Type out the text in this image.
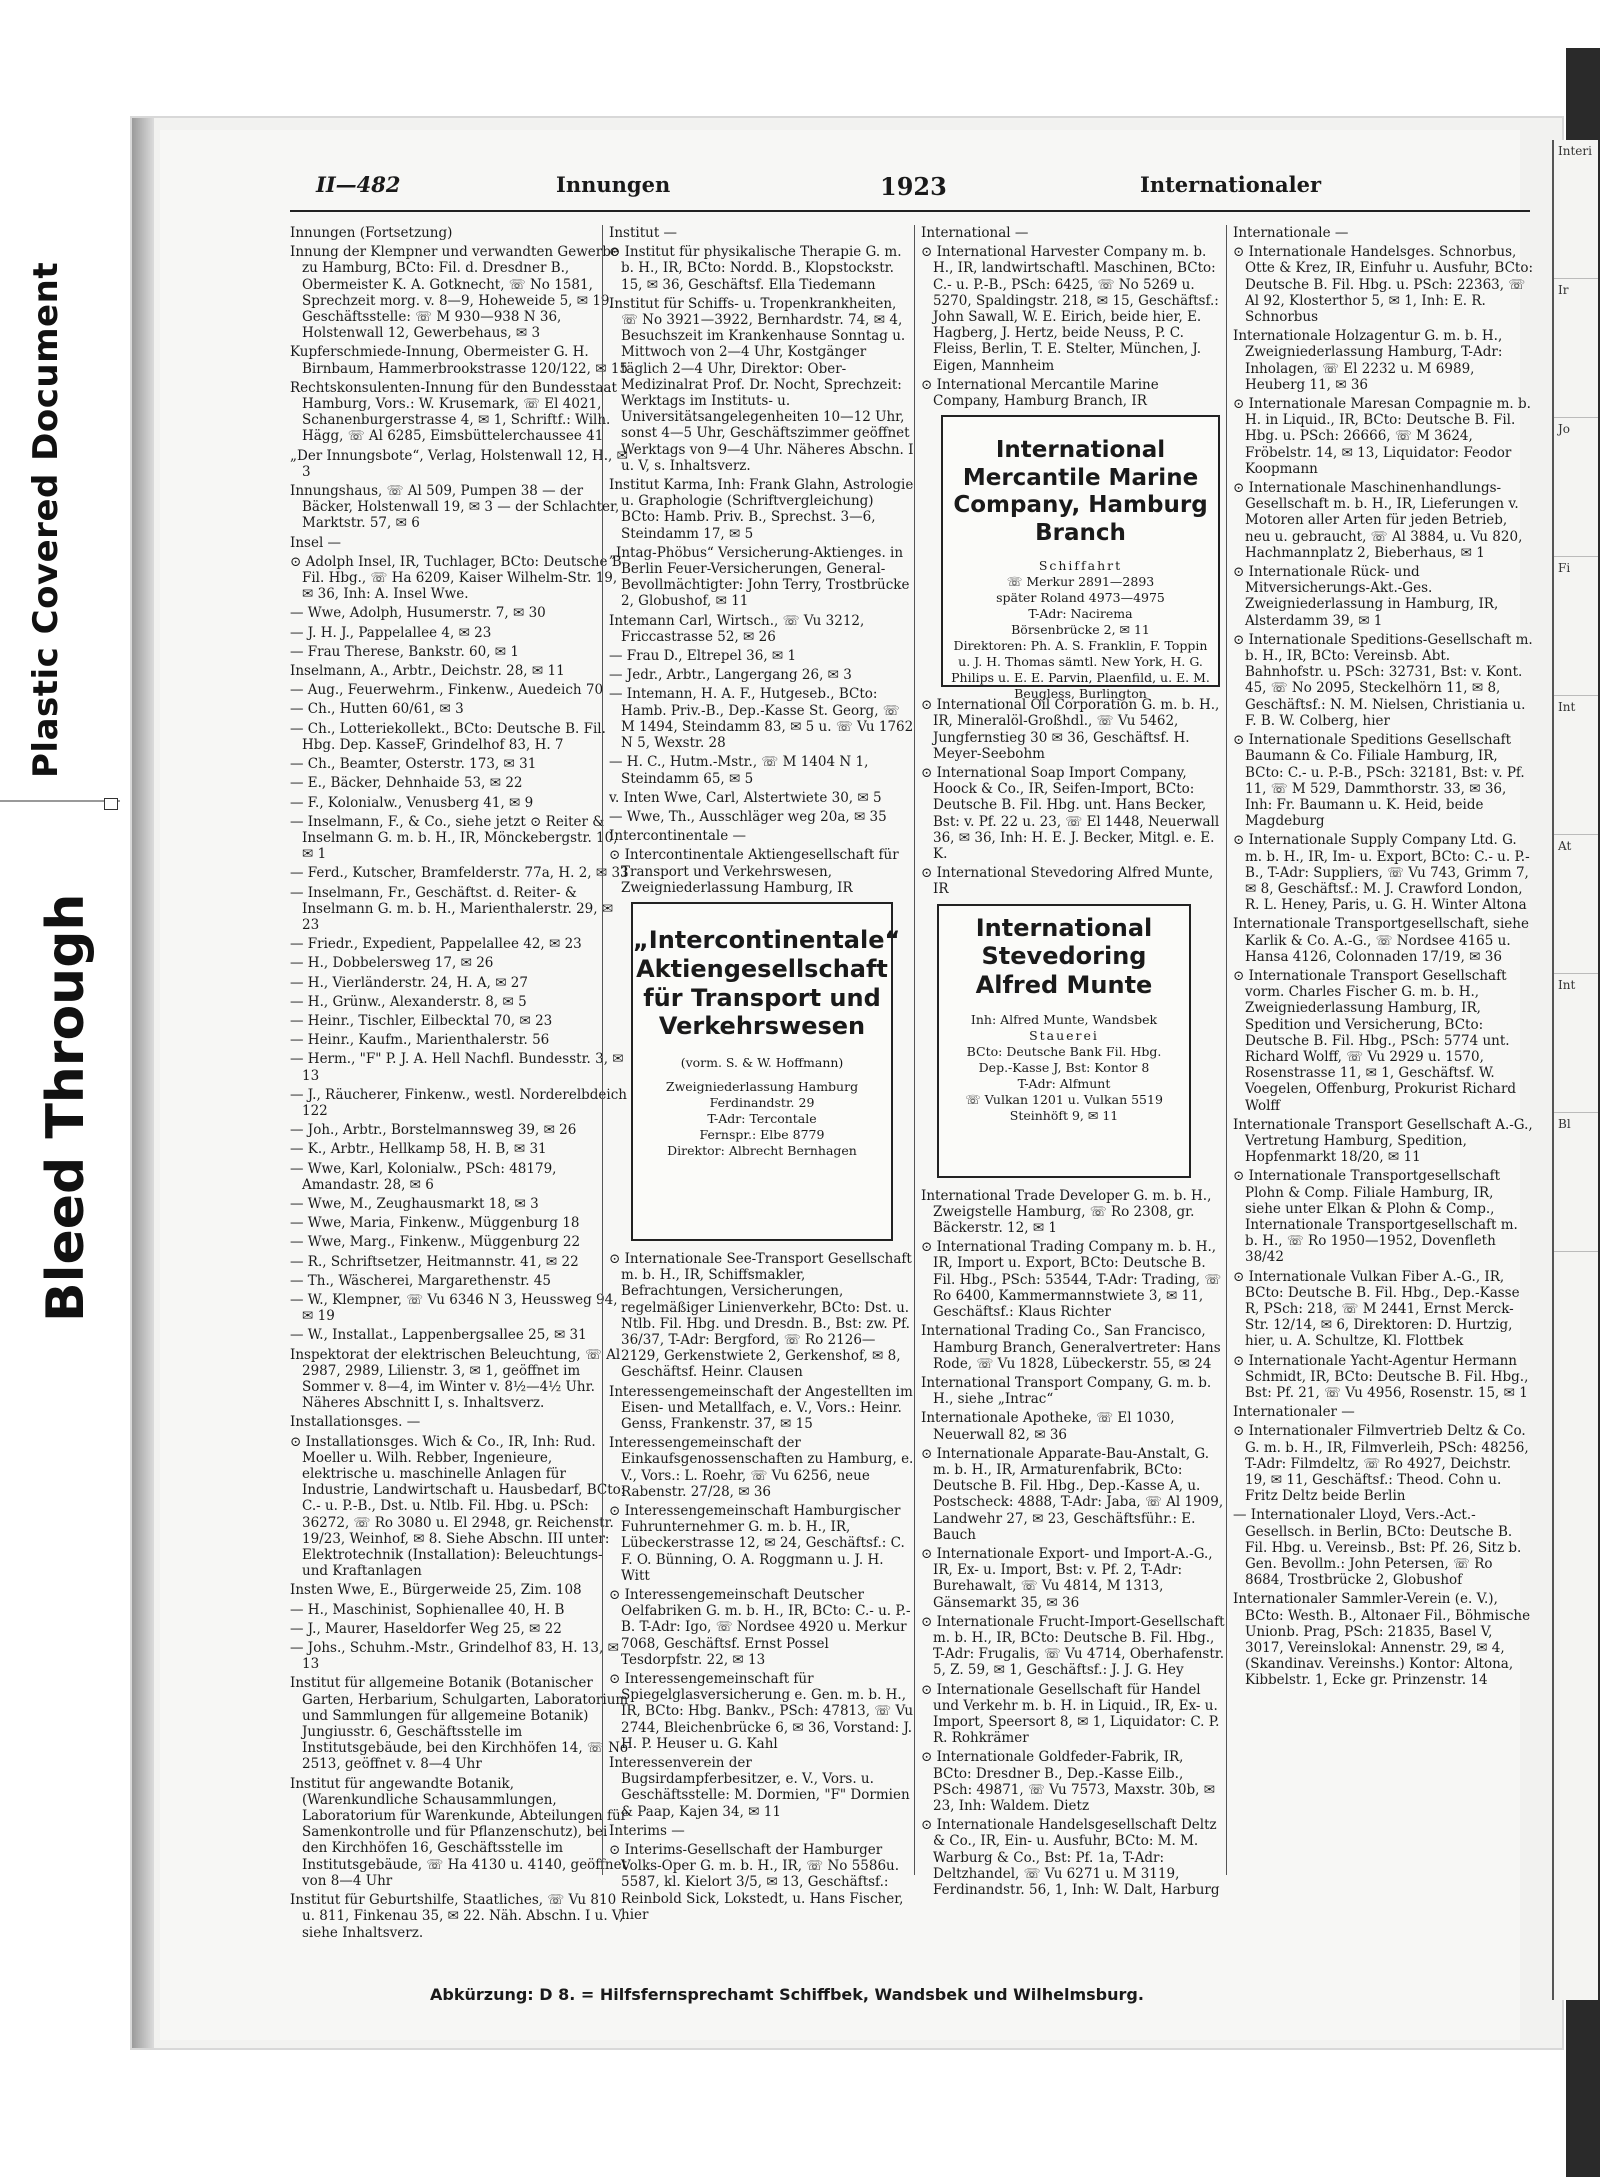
Plastic Covered Document
Bleed Through
Interi
Ir
Jo
Fi
Int
At
Int
Bl
II—482	Innungen	1923	Internationaler
Innungen (Fortsetzung)
Innung der Klempner und verwandten Gewerbe zu Hamburg, BCto: Fil. d. Dresdner B., Obermeister K. A. Gotknecht, ☏ No 1581, Sprechzeit morg. v. 8—9, Hoheweide 5, ✉ 19, Geschäftsstelle: ☏ M 930—938 N 36, Holstenwall 12, Gewerbehaus, ✉ 3
Kupferschmiede-Innung, Obermeister G. H. Birnbaum, Hammerbrookstrasse 120/122, ✉ 15
Rechtskonsulenten-Innung für den Bundesstaat Hamburg, Vors.: W. Krusemark, ☏ El 4021, Schanenburgerstrasse 4, ✉ 1, Schriftf.: Wilh. Hägg, ☏ Al 6285, Eimsbüttelerchaussee 41
„Der Innungsbote“, Verlag, Holstenwall 12, H., ✉ 3
Innungshaus, ☏ Al 509, Pumpen 38 — der Bäcker, Holstenwall 19, ✉ 3 — der Schlachter, Marktstr. 57, ✉ 6
Insel —
⊙ Adolph Insel, IR, Tuchlager, BCto: Deutsche B. Fil. Hbg., ☏ Ha 6209, Kaiser Wilhelm-Str. 19, ✉ 36, Inh: A. Insel Wwe.
— Wwe, Adolph, Husumerstr. 7, ✉ 30
— J. H. J., Pappelallee 4, ✉ 23
— Frau Therese, Bankstr. 60, ✉ 1
Inselmann, A., Arbtr., Deichstr. 28, ✉ 11
— Aug., Feuerwehrm., Finkenw., Auedeich 70
— Ch., Hutten 60/61, ✉ 3
— Ch., Lotteriekollekt., BCto: Deutsche B. Fil. Hbg. Dep. KasseF, Grindelhof 83, H. 7
— Ch., Beamter, Osterstr. 173, ✉ 31
— E., Bäcker, Dehnhaide 53, ✉ 22
— F., Kolonialw., Venusberg 41, ✉ 9
— Inselmann, F., & Co., siehe jetzt ⊙ Reiter & Inselmann G. m. b. H., IR, Mönckebergstr. 10, ✉ 1
— Ferd., Kutscher, Bramfelderstr. 77a, H. 2, ✉ 33
— Inselmann, Fr., Geschäftst. d. Reiter- & Inselmann G. m. b. H., Marienthalerstr. 29, ✉ 23
— Friedr., Expedient, Pappelallee 42, ✉ 23
— H., Dobbelersweg 17, ✉ 26
— H., Vierländerstr. 24, H. A, ✉ 27
— H., Grünw., Alexanderstr. 8, ✉ 5
— Heinr., Tischler, Eilbecktal 70, ✉ 23
— Heinr., Kaufm., Marienthalerstr. 56
— Herm., "F" P. J. A. Hell Nachfl. Bundesstr. 3, ✉ 13
— J., Räucherer, Finkenw., westl. Norderelbdeich 122
— Joh., Arbtr., Borstelmannsweg 39, ✉ 26
— K., Arbtr., Hellkamp 58, H. B, ✉ 31
— Wwe, Karl, Kolonialw., PSch: 48179, Amandastr. 28, ✉ 6
— Wwe, M., Zeughausmarkt 18, ✉ 3
— Wwe, Maria, Finkenw., Müggenburg 18
— Wwe, Marg., Finkenw., Müggenburg 22
— R., Schriftsetzer, Heitmannstr. 41, ✉ 22
— Th., Wäscherei, Margarethenstr. 45
— W., Klempner, ☏ Vu 6346 N 3, Heussweg 94, ✉ 19
— W., Installat., Lappenbergsallee 25, ✉ 31
Inspektorat der elektrischen Beleuchtung, ☏ Al 2987, 2989, Lilienstr. 3, ✉ 1, geöffnet im Sommer v. 8—4, im Winter v. 8½—4½ Uhr. Näheres Abschnitt I, s. Inhaltsverz.
Installationsges. —
⊙ Installationsges. Wich & Co., IR, Inh: Rud. Moeller u. Wilh. Rebber, Ingenieure, elektrische u. maschinelle Anlagen für Industrie, Landwirtschaft u. Hausbedarf, BCto: C.- u. P.-B., Dst. u. Ntlb. Fil. Hbg. u. PSch: 36272, ☏ Ro 3080 u. El 2948, gr. Reichenstr. 19/23, Weinhof, ✉ 8. Siehe Abschn. III unter: Elektrotechnik (Installation): Beleuchtungs- und Kraftanlagen
Insten Wwe, E., Bürgerweide 25, Zim. 108
— H., Maschinist, Sophienallee 40, H. B
— J., Maurer, Haseldorfer Weg 25, ✉ 22
— Johs., Schuhm.-Mstr., Grindelhof 83, H. 13, ✉ 13
Institut für allgemeine Botanik (Botanischer Garten, Herbarium, Schulgarten, Laboratorium und Sammlungen für allgemeine Botanik) Jungiusstr. 6, Geschäftsstelle im Institutsgebäude, bei den Kirchhöfen 14, ☏ No 2513, geöffnet v. 8—4 Uhr
Institut für angewandte Botanik, (Warenkundliche Schausammlungen, Laboratorium für Warenkunde, Abteilungen für Samenkontrolle und für Pflanzenschutz), bei den Kirchhöfen 16, Geschäftsstelle im Institutsgebäude, ☏ Ha 4130 u. 4140, geöffnet von 8—4 Uhr
Institut für Geburtshilfe, Staatliches, ☏ Vu 810 u. 811, Finkenau 35, ✉ 22. Näh. Abschn. I u. V, siehe Inhaltsverz.
Institut —
⊙ Institut für physikalische Therapie G. m. b. H., IR, BCto: Nordd. B., Klopstockstr. 15, ✉ 36, Geschäftsf. Ella Tiedemann
Institut für Schiffs- u. Tropenkrankheiten, ☏ No 3921—3922, Bernhardstr. 74, ✉ 4, Besuchszeit im Krankenhause Sonntag u. Mittwoch von 2—4 Uhr, Kostgänger täglich 2—4 Uhr, Direktor: Ober-Medizinalrat Prof. Dr. Nocht, Sprechzeit: Werktags im Instituts- u. Universitätsangelegenheiten 10—12 Uhr, sonst 4—5 Uhr, Geschäftszimmer geöffnet Werktags von 9—4 Uhr. Näheres Abschn. I u. V, s. Inhaltsverz.
Institut Karma, Inh: Frank Glahn, Astrologie u. Graphologie (Schriftvergleichung) BCto: Hamb. Priv. B., Sprechst. 3—6, Steindamm 17, ✉ 5
„Intag-Phöbus“ Versicherung-Aktienges. in Berlin Feuer-Versicherungen, General-Bevollmächtigter: John Terry, Trostbrücke 2, Globushof, ✉ 11
Intemann Carl, Wirtsch., ☏ Vu 3212, Friccastrasse 52, ✉ 26
— Frau D., Eltrepel 36, ✉ 1
— Jedr., Arbtr., Langergang 26, ✉ 3
— Intemann, H. A. F., Hutgeseb., BCto: Hamb. Priv.-B., Dep.-Kasse St. Georg, ☏ M 1494, Steindamm 83, ✉ 5 u. ☏ Vu 1762 N 5, Wexstr. 28
— H. C., Hutm.-Mstr., ☏ M 1404 N 1, Steindamm 65, ✉ 5
v. Inten Wwe, Carl, Alstertwiete 30, ✉ 5
— Wwe, Th., Ausschläger weg 20a, ✉ 35
Intercontinentale —
⊙ Intercontinentale Aktiengesellschaft für Transport und Verkehrswesen, Zweigniederlassung Hamburg, IR
„Intercontinentale“ Aktiengesellschaft für Transport und Verkehrswesen
(vorm. S. & W. Hoffmann)
Zweigniederlassung Hamburg
Ferdinandstr. 29
T-Adr: Tercontale
Fernspr.: Elbe 8779
Direktor: Albrecht Bernhagen
⊙ Internationale See-Transport Gesellschaft m. b. H., IR, Schiffsmakler, Befrachtungen, Versicherungen, regelmäßiger Linienverkehr, BCto: Dst. u. Ntlb. Fil. Hbg. und Dresdn. B., Bst: zw. Pf. 36/37, T-Adr: Bergford, ☏ Ro 2126—2129, Gerkenstwiete 2, Gerkenshof, ✉ 8, Geschäftsf. Heinr. Clausen
Interessengemeinschaft der Angestellten im Eisen- und Metallfach, e. V., Vors.: Heinr. Genss, Frankenstr. 37, ✉ 15
Interessengemeinschaft der Einkaufsgenossenschaften zu Hamburg, e. V., Vors.: L. Roehr, ☏ Vu 6256, neue Rabenstr. 27/28, ✉ 36
⊙ Interessengemeinschaft Hamburgischer Fuhrunternehmer G. m. b. H., IR, Lübeckerstrasse 12, ✉ 24, Geschäftsf.: C. F. O. Bünning, O. A. Roggmann u. J. H. Witt
⊙ Interessengemeinschaft Deutscher Oelfabriken G. m. b. H., IR, BCto: C.- u. P.-B. T-Adr: Igo, ☏ Nordsee 4920 u. Merkur 7068, Geschäftsf. Ernst Possel Tesdorpfstr. 22, ✉ 13
⊙ Interessengemeinschaft für Spiegelglasversicherung e. Gen. m. b. H., IR, BCto: Hbg. Bankv., PSch: 47813, ☏ Vu 2744, Bleichenbrücke 6, ✉ 36, Vorstand: J. H. P. Heuser u. G. Kahl
Interessenverein der Bugsirdampferbesitzer, e. V., Vors. u. Geschäftsstelle: M. Dormien, "F" Dormien & Paap, Kajen 34, ✉ 11
Interims —
⊙ Interims-Gesellschaft der Hamburger Volks-Oper G. m. b. H., IR, ☏ No 5586u. 5587, kl. Kielort 3/5, ✉ 13, Geschäftsf.: Reinbold Sick, Lokstedt, u. Hans Fischer, hier
International —
⊙ International Harvester Company m. b. H., IR, landwirtschaftl. Maschinen, BCto: C.- u. P.-B., PSch: 6425, ☏ No 5269 u. 5270, Spaldingstr. 218, ✉ 15, Geschäftsf.: John Sawall, W. E. Eirich, beide hier, E. Hagberg, J. Hertz, beide Neuss, P. C. Fleiss, Berlin, T. E. Stelter, München, J. Eigen, Mannheim
⊙ International Mercantile Marine Company, Hamburg Branch, IR
International Mercantile Marine Company, Hamburg Branch
Schiffahrt
☏ Merkur 2891—2893
später Roland 4973—4975
T-Adr: Nacirema
Börsenbrücke 2, ✉ 11
Direktoren: Ph. A. S. Franklin, F. Toppin u. J. H. Thomas sämtl. New York, H. G. Philips u. E. E. Parvin, Plaenfild, u. E. M. Beugless, Burlington
⊙ International Oil Corporation G. m. b. H., IR, Mineralöl-Großhdl., ☏ Vu 5462, Jungfernstieg 30 ✉ 36, Geschäftsf. H. Meyer-Seebohm
⊙ International Soap Import Company, Hoock & Co., IR, Seifen-Import, BCto: Deutsche B. Fil. Hbg. unt. Hans Becker, Bst: v. Pf. 22 u. 23, ☏ El 1448, Neuerwall 36, ✉ 36, Inh: H. E. J. Becker, Mitgl. e. E. K.
⊙ International Stevedoring Alfred Munte, IR
International Stevedoring Alfred Munte
Inh: Alfred Munte, Wandsbek
Stauerei
BCto: Deutsche Bank Fil. Hbg.
Dep.-Kasse J, Bst: Kontor 8
T-Adr: Alfmunt
☏ Vulkan 1201 u. Vulkan 5519
Steinhöft 9, ✉ 11
International Trade Developer G. m. b. H., Zweigstelle Hamburg, ☏ Ro 2308, gr. Bäckerstr. 12, ✉ 1
⊙ International Trading Company m. b. H., IR, Import u. Export, BCto: Deutsche B. Fil. Hbg., PSch: 53544, T-Adr: Trading, ☏ Ro 6400, Kammermannstwiete 3, ✉ 11, Geschäftsf.: Klaus Richter
International Trading Co., San Francisco, Hamburg Branch, Generalvertreter: Hans Rode, ☏ Vu 1828, Lübeckerstr. 55, ✉ 24
International Transport Company, G. m. b. H., siehe „Intrac“
Internationale Apotheke, ☏ El 1030, Neuerwall 82, ✉ 36
⊙ Internationale Apparate-Bau-Anstalt, G. m. b. H., IR, Armaturenfabrik, BCto: Deutsche B. Fil. Hbg., Dep.-Kasse A, u. Postscheck: 4888, T-Adr: Jaba, ☏ Al 1909, Landwehr 27, ✉ 23, Geschäftsführ.: E. Bauch
⊙ Internationale Export- und Import-A.-G., IR, Ex- u. Import, Bst: v. Pf. 2, T-Adr: Burehawalt, ☏ Vu 4814, M 1313, Gänsemarkt 35, ✉ 36
⊙ Internationale Frucht-Import-Gesellschaft m. b. H., IR, BCto: Deutsche B. Fil. Hbg., T-Adr: Frugalis, ☏ Vu 4714, Oberhafenstr. 5, Z. 59, ✉ 1, Geschäftsf.: J. J. G. Hey
⊙ Internationale Gesellschaft für Handel und Verkehr m. b. H. in Liquid., IR, Ex- u. Import, Speersort 8, ✉ 1, Liquidator: C. P. R. Rohkrämer
⊙ Internationale Goldfeder-Fabrik, IR, BCto: Dresdner B., Dep.-Kasse Eilb., PSch: 49871, ☏ Vu 7573, Maxstr. 30b, ✉ 23, Inh: Waldem. Dietz
⊙ Internationale Handelsgesellschaft Deltz & Co., IR, Ein- u. Ausfuhr, BCto: M. M. Warburg & Co., Bst: Pf. 1a, T-Adr: Deltzhandel, ☏ Vu 6271 u. M 3119, Ferdinandstr. 56, 1, Inh: W. Dalt, Harburg
Internationale —
⊙ Internationale Handelsges. Schnorbus, Otte & Krez, IR, Einfuhr u. Ausfuhr, BCto: Deutsche B. Fil. Hbg. u. PSch: 22363, ☏ Al 92, Klosterthor 5, ✉ 1, Inh: E. R. Schnorbus
Internationale Holzagentur G. m. b. H., Zweigniederlassung Hamburg, T-Adr: Inholagen, ☏ El 2232 u. M 6989, Heuberg 11, ✉ 36
⊙ Internationale Maresan Compagnie m. b. H. in Liquid., IR, BCto: Deutsche B. Fil. Hbg. u. PSch: 26666, ☏ M 3624, Fröbelstr. 14, ✉ 13, Liquidator: Feodor Koopmann
⊙ Internationale Maschinenhandlungs-Gesellschaft m. b. H., IR, Lieferungen v. Motoren aller Arten für jeden Betrieb, neu u. gebraucht, ☏ Al 3884, u. Vu 820, Hachmannplatz 2, Bieberhaus, ✉ 1
⊙ Internationale Rück- und Mitversicherungs-Akt.-Ges. Zweigniederlassung in Hamburg, IR, Alsterdamm 39, ✉ 1
⊙ Internationale Speditions-Gesellschaft m. b. H., IR, BCto: Vereinsb. Abt. Bahnhofstr. u. PSch: 32731, Bst: v. Kont. 45, ☏ No 2095, Steckelhörn 11, ✉ 8, Geschäftsf.: N. M. Nielsen, Christiania u. F. B. W. Colberg, hier
⊙ Internationale Speditions Gesellschaft Baumann & Co. Filiale Hamburg, IR, BCto: C.- u. P.-B., PSch: 32181, Bst: v. Pf. 11, ☏ M 529, Dammthorstr. 33, ✉ 36, Inh: Fr. Baumann u. K. Heid, beide Magdeburg
⊙ Internationale Supply Company Ltd. G. m. b. H., IR, Im- u. Export, BCto: C.- u. P.-B., T-Adr: Suppliers, ☏ Vu 743, Grimm 7, ✉ 8, Geschäftsf.: M. J. Crawford London, R. L. Heney, Paris, u. G. H. Winter Altona
Internationale Transportgesellschaft, siehe Karlik & Co. A.-G., ☏ Nordsee 4165 u. Hansa 4126, Colonnaden 17/19, ✉ 36
⊙ Internationale Transport Gesellschaft vorm. Charles Fischer G. m. b. H., Zweigniederlassung Hamburg, IR, Spedition und Versicherung, BCto: Deutsche B. Fil. Hbg., PSch: 5774 unt. Richard Wolff, ☏ Vu 2929 u. 1570, Rosenstrasse 11, ✉ 1, Geschäftsf. W. Voegelen, Offenburg, Prokurist Richard Wolff
Internationale Transport Gesellschaft A.-G., Vertretung Hamburg, Spedition, Hopfenmarkt 18/20, ✉ 11
⊙ Internationale Transportgesellschaft Plohn & Comp. Filiale Hamburg, IR, siehe unter Elkan & Plohn & Comp., Internationale Transportgesellschaft m. b. H., ☏ Ro 1950—1952, Dovenfleth 38/42
⊙ Internationale Vulkan Fiber A.-G., IR, BCto: Deutsche B. Fil. Hbg., Dep.-Kasse R, PSch: 218, ☏ M 2441, Ernst Merck-Str. 12/14, ✉ 6, Direktoren: D. Hurtzig, hier, u. A. Schultze, Kl. Flottbek
⊙ Internationale Yacht-Agentur Hermann Schmidt, IR, BCto: Deutsche B. Fil. Hbg., Bst: Pf. 21, ☏ Vu 4956, Rosenstr. 15, ✉ 1
Internationaler —
⊙ Internationaler Filmvertrieb Deltz & Co. G. m. b. H., IR, Filmverleih, PSch: 48256, T-Adr: Filmdeltz, ☏ Ro 4927, Deichstr. 19, ✉ 11, Geschäftsf.: Theod. Cohn u. Fritz Deltz beide Berlin
— Internationaler Lloyd, Vers.-Act.-Gesellsch. in Berlin, BCto: Deutsche B. Fil. Hbg. u. Vereinsb., Bst: Pf. 26, Sitz b. Gen. Bevollm.: John Petersen, ☏ Ro 8684, Trostbrücke 2, Globushof
Internationaler Sammler-Verein (e. V.), BCto: Westh. B., Altonaer Fil., Böhmische Unionb. Prag, PSch: 21835, Basel V, 3017, Vereinslokal: Annenstr. 29, ✉ 4, (Skandinav. Vereinshs.) Kontor: Altona, Kibbelstr. 1, Ecke gr. Prinzenstr. 14
Abkürzung: D 8. = Hilfsfernsprechamt Schiffbek, Wandsbek und Wilhelmsburg.
